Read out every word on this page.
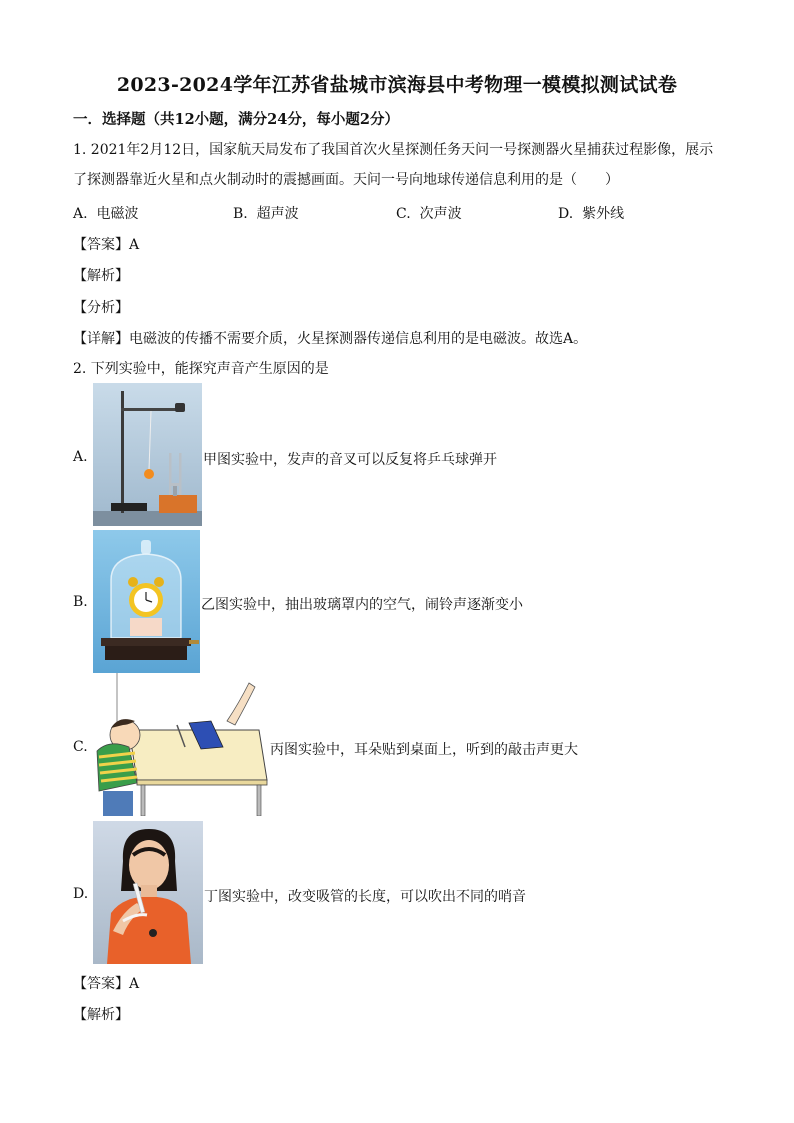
2023-2024学年江苏省盐城市滨海县中考物理一模模拟测试试卷
一．选择题（共12小题，满分24分，每小题2分）
1. 2021年2月12日，国家航天局发布了我国首次火星探测任务天问一号探测器火星捕获过程影像，展示
了探测器靠近火星和点火制动时的震撼画面。天问一号向地球传递信息利用的是（　　）
A. 电磁波	B. 超声波	C. 次声波	D. 紫外线
【答案】A
【解析】
【分析】
【详解】电磁波的传播不需要介质，火星探测器传递信息利用的是电磁波。故选A。
2. 下列实验中，能探究声音产生原因的是
A.	甲图实验中，发声的音叉可以反复将乒乓球弹开
B.	乙图实验中，抽出玻璃罩内的空气，闹铃声逐渐变小
C.	丙图实验中，耳朵贴到桌面上，听到的敲击声更大
D.	丁图实验中，改变吸管的长度，可以吹出不同的哨音
【答案】A
【解析】
